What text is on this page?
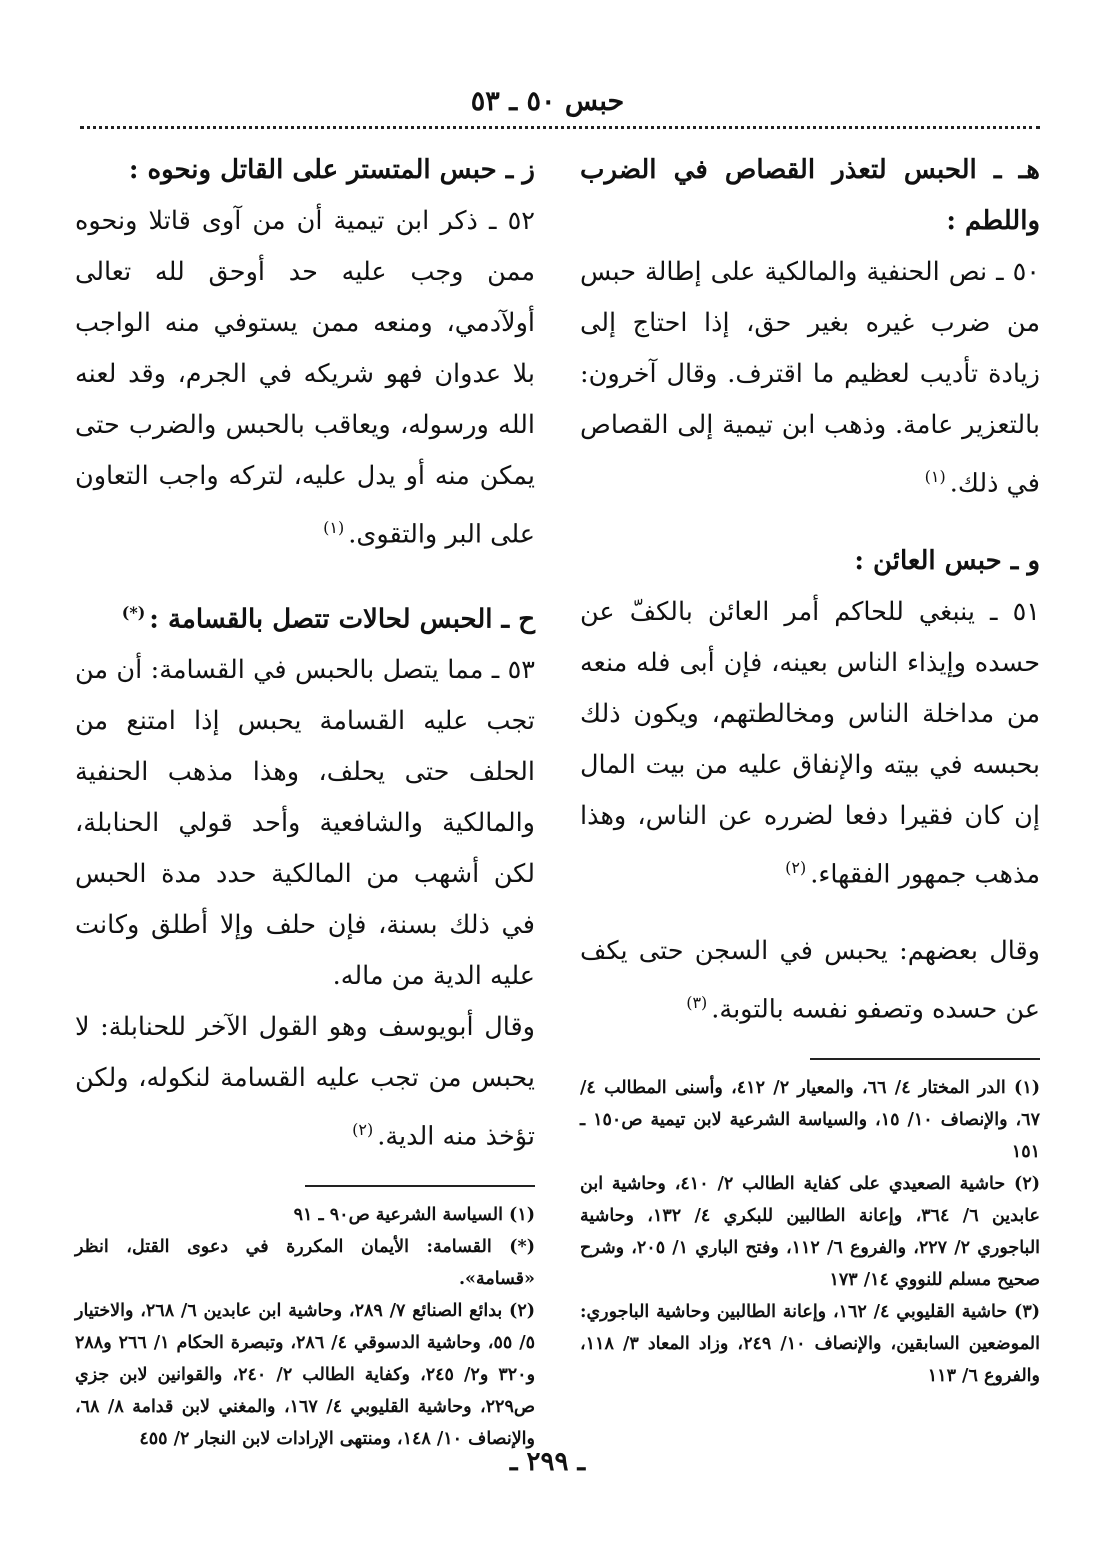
حبس ٥٠ ـ ٥٣

هـ ـ الحبس لتعذر القصاص في الضرب واللطم :

٥٠ ـ نص الحنفية والمالكية على إطالة حبس من ضرب غيره بغير حق، إذا احتاج إلى زيادة تأديب لعظيم ما اقترف. وقال آخرون: بالتعزير عامة. وذهب ابن تيمية إلى القصاص في ذلك.$^{(١)}$

و ـ حبس العائن :

٥١ ـ ينبغي للحاكم أمر العائن بالكفّ عن حسده وإيذاء الناس بعينه، فإن أبى فله منعه من مداخلة الناس ومخالطتهم، ويكون ذلك بحبسه في بيته والإنفاق عليه من بيت المال إن كان فقيرا دفعا لضرره عن الناس، وهذا مذهب جمهور الفقهاء.$^{(٢)}$

وقال بعضهم: يحبس في السجن حتى يكف عن حسده وتصفو نفسه بالتوبة.$^{(٣)}$

(١) الدر المختار ٤/ ٦٦، والمعيار ٢/ ٤١٢، وأسنى المطالب ٤/ ٦٧، والإنصاف ١٠/ ١٥، والسياسة الشرعية لابن تيمية ص١٥٠ ـ ١٥١

(٢) حاشية الصعيدي على كفاية الطالب ٢/ ٤١٠، وحاشية ابن عابدين ٦/ ٣٦٤، وإعانة الطالبين للبكري ٤/ ١٣٢، وحاشية الباجوري ٢/ ٢٢٧، والفروع ٦/ ١١٢، وفتح الباري ١/ ٢٠٥، وشرح صحيح مسلم للنووي ١٤/ ١٧٣

(٣) حاشية القليوبي ٤/ ١٦٢، وإعانة الطالبين وحاشية الباجوري: الموضعين السابقين، والإنصاف ١٠/ ٢٤٩، وزاد المعاد ٣/ ١١٨، والفروع ٦/ ١١٣

ز ـ حبس المتستر على القاتل ونحوه :

٥٢ ـ ذكر ابن تيمية أن من آوى قاتلا ونحوه ممن وجب عليه حد أوحق لله تعالى أولآدمي، ومنعه ممن يستوفي منه الواجب بلا عدوان فهو شريكه في الجرم، وقد لعنه الله ورسوله، ويعاقب بالحبس والضرب حتى يمكن منه أو يدل عليه، لتركه واجب التعاون على البر والتقوى.$^{(١)}$

ح ـ الحبس لحالات تتصل بالقسامة :(*)

٥٣ ـ مما يتصل بالحبس في القسامة: أن من تجب عليه القسامة يحبس إذا امتنع من الحلف حتى يحلف، وهذا مذهب الحنفية والمالكية والشافعية وأحد قولي الحنابلة، لكن أشهب من المالكية حدد مدة الحبس في ذلك بسنة، فإن حلف وإلا أطلق وكانت عليه الدية من ماله.

وقال أبويوسف وهو القول الآخر للحنابلة: لا يحبس من تجب عليه القسامة لنكوله، ولكن تؤخذ منه الدية.$^{(٢)}$

(١) السياسة الشرعية ص٩٠ ـ ٩١

(*) القسامة: الأيمان المكررة في دعوى القتل، انظر «قسامة».

(٢) بدائع الصنائع ٧/ ٢٨٩، وحاشية ابن عابدين ٦/ ٢٦٨، والاختيار ٥/ ٥٥، وحاشية الدسوقي ٤/ ٢٨٦، وتبصرة الحكام ١/ ٢٦٦ و٢٨٨ و٣٢٠ و٢/ ٢٤٥، وكفاية الطالب ٢/ ٢٤٠، والقوانين لابن جزي ص٢٢٩، وحاشية القليوبي ٤/ ١٦٧، والمغني لابن قدامة ٨/ ٦٨، والإنصاف ١٠/ ١٤٨، ومنتهى الإرادات لابن النجار ٢/ ٤٥٥

ـ ٢٩٩ ـ
